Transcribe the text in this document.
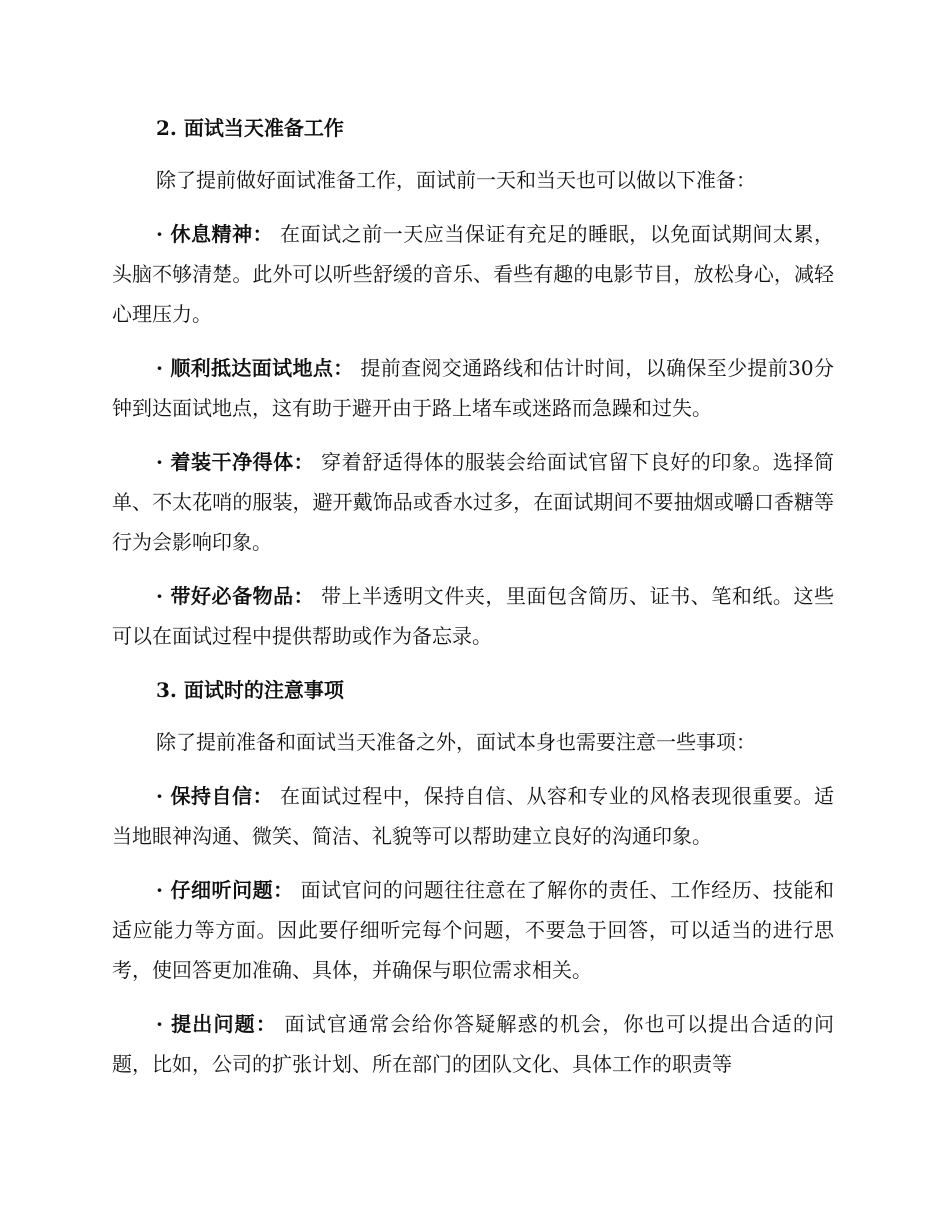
2. 面试当天准备工作

除了提前做好面试准备工作，面试前一天和当天也可以做以下准备：

· 休息精神： 在面试之前一天应当保证有充足的睡眠，以免面试期间太累，头脑不够清楚。此外可以听些舒缓的音乐、看些有趣的电影节目，放松身心，减轻心理压力。

· 顺利抵达面试地点： 提前查阅交通路线和估计时间，以确保至少提前30分钟到达面试地点，这有助于避开由于路上堵车或迷路而急躁和过失。

· 着装干净得体： 穿着舒适得体的服装会给面试官留下良好的印象。选择简单、不太花哨的服装，避开戴饰品或香水过多，在面试期间不要抽烟或嚼口香糖等行为会影响印象。

· 带好必备物品： 带上半透明文件夹，里面包含简历、证书、笔和纸。这些可以在面试过程中提供帮助或作为备忘录。

3. 面试时的注意事项

除了提前准备和面试当天准备之外，面试本身也需要注意一些事项：

· 保持自信： 在面试过程中，保持自信、从容和专业的风格表现很重要。适当地眼神沟通、微笑、简洁、礼貌等可以帮助建立良好的沟通印象。

· 仔细听问题： 面试官问的问题往往意在了解你的责任、工作经历、技能和适应能力等方面。因此要仔细听完每个问题，不要急于回答，可以适当的进行思考，使回答更加准确、具体，并确保与职位需求相关。

· 提出问题： 面试官通常会给你答疑解惑的机会，你也可以提出合适的问题，比如，公司的扩张计划、所在部门的团队文化、具体工作的职责等
